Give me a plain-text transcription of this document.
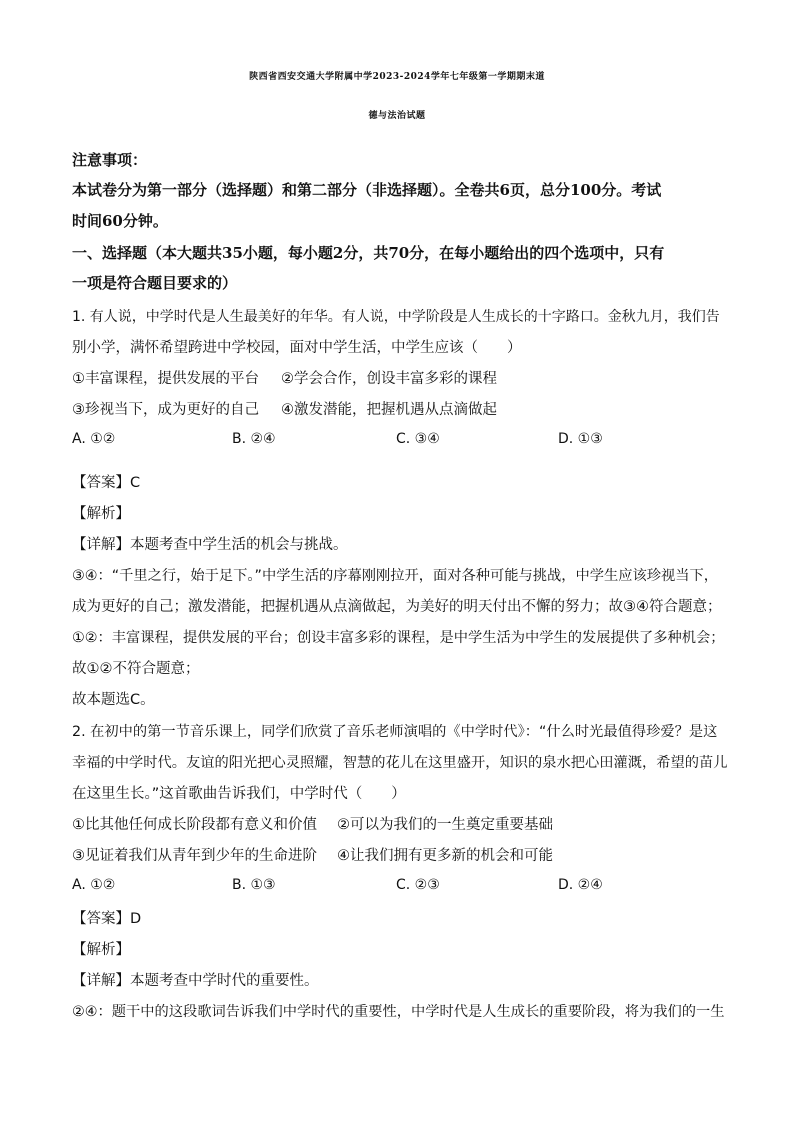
陕西省西安交通大学附属中学2023-2024学年七年级第一学期期末道
德与法治试题
注意事项：
本试卷分为第一部分（选择题）和第二部分（非选择题）。全卷共6页，总分100分。考试
时间60分钟。
一、选择题（本大题共35小题，每小题2分，共70分，在每小题给出的四个选项中，只有
一项是符合题目要求的）
1. 有人说，中学时代是人生最美好的年华。有人说，中学阶段是人生成长的十字路口。金秋九月，我们告
别小学，满怀希望跨进中学校园，面对中学生活，中学生应该（　　）
①丰富课程，提供发展的平台 ②学会合作，创设丰富多彩的课程
③珍视当下，成为更好的自己 ④激发潜能，把握机遇从点滴做起
A. ①②	B. ②④	C. ③④	D. ①③
【答案】C
【解析】
【详解】本题考查中学生活的机会与挑战。
③④：“千里之行，始于足下。”中学生活的序幕刚刚拉开，面对各种可能与挑战，中学生应该珍视当下，
成为更好的自己；激发潜能，把握机遇从点滴做起，为美好的明天付出不懈的努力；故③④符合题意；
①②：丰富课程，提供发展的平台；创设丰富多彩的课程，是中学生活为中学生的发展提供了多种机会；
故①②不符合题意；
故本题选C。
2. 在初中的第一节音乐课上，同学们欣赏了音乐老师演唱的《中学时代》：“什么时光最值得珍爱？是这
幸福的中学时代。友谊的阳光把心灵照耀，智慧的花儿在这里盛开，知识的泉水把心田灌溉，希望的苗儿
在这里生长。”这首歌曲告诉我们，中学时代（　　）
①比其他任何成长阶段都有意义和价值 ②可以为我们的一生奠定重要基础
③见证着我们从青年到少年的生命进阶 ④让我们拥有更多新的机会和可能
A. ①②	B. ①③	C. ②③	D. ②④
【答案】D
【解析】
【详解】本题考查中学时代的重要性。
②④：题干中的这段歌词告诉我们中学时代的重要性，中学时代是人生成长的重要阶段，将为我们的一生
